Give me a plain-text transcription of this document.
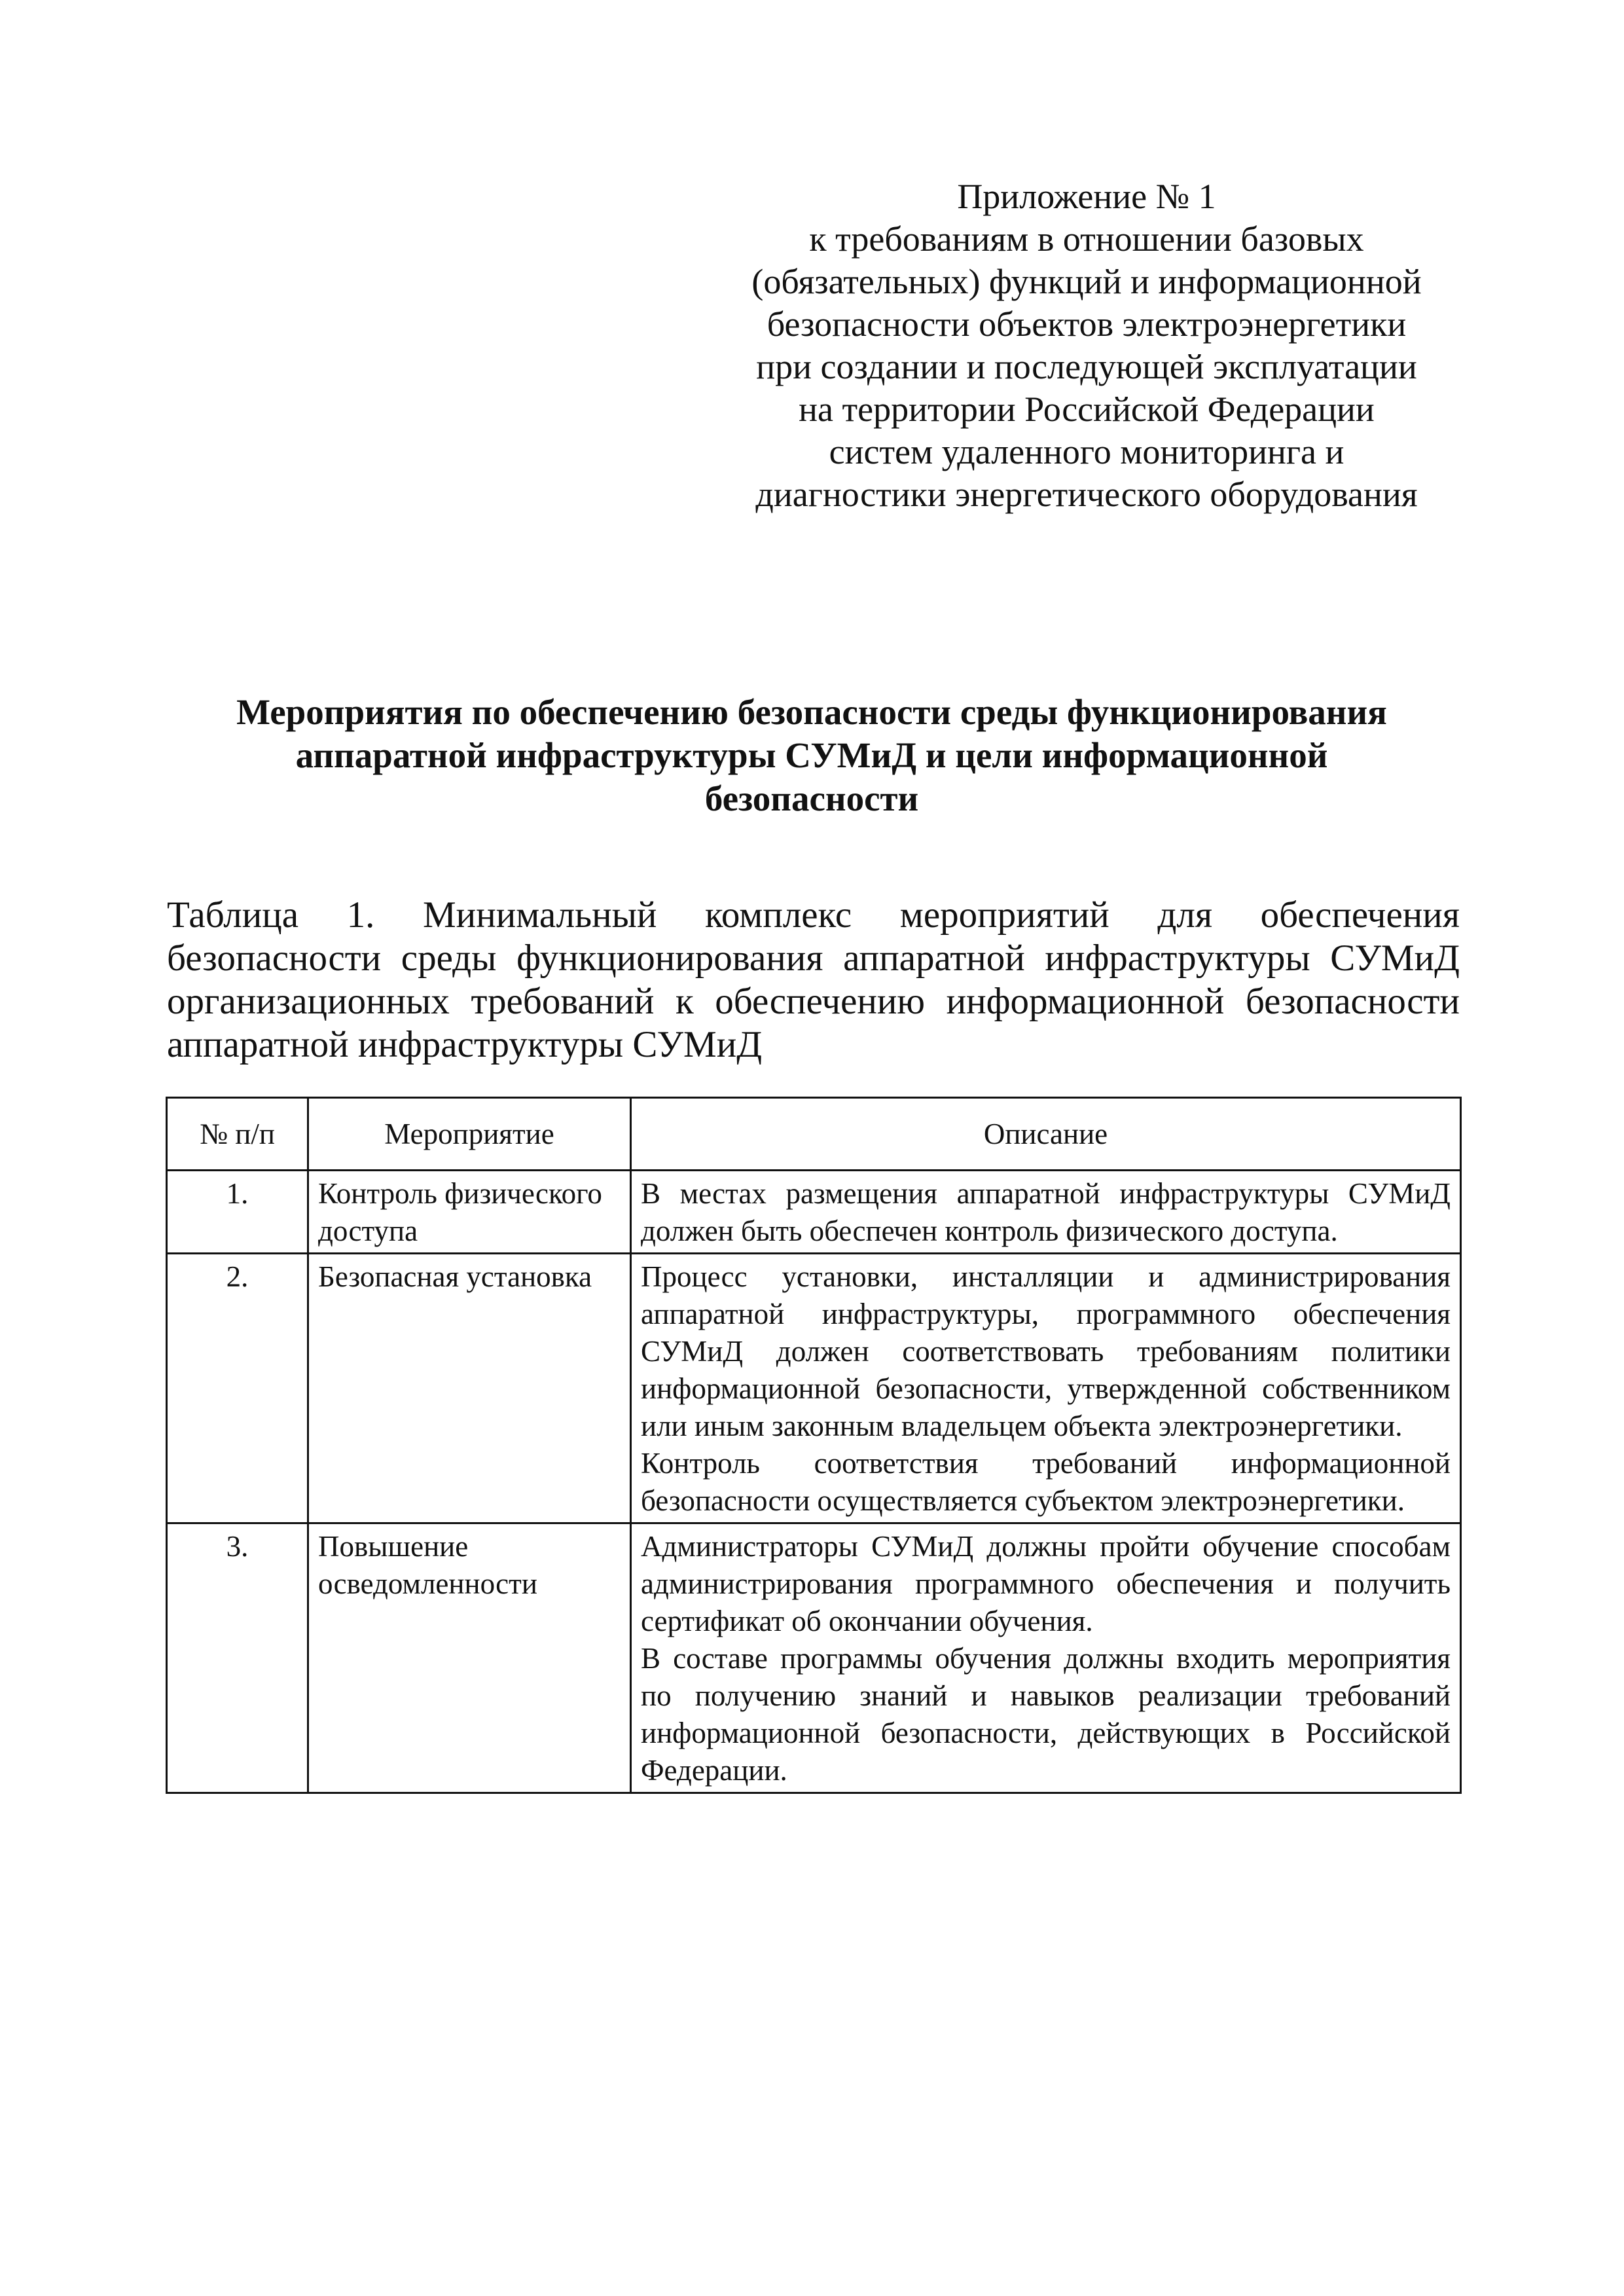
Приложение № 1
к требованиям в отношении базовых
(обязательных) функций и информационной
безопасности объектов электроэнергетики
при создании и последующей эксплуатации
на территории Российской Федерации
систем удаленного мониторинга и
диагностики энергетического оборудования
Мероприятия по обеспечению безопасности среды функционирования
аппаратной инфраструктуры СУМиД и цели информационной
безопасности
Таблица 1. Минимальный комплекс мероприятий для обеспечения
безопасности среды функционирования аппаратной инфраструктуры СУМиД
организационных требований к обеспечению информационной безопасности
аппаратной инфраструктуры СУМиД
№ п/п	Мероприятие	Описание
1.	Контроль физического доступа	В местах размещения аппаратной инфраструктуры СУМиД должен быть обеспечен контроль физического доступа.

2.	Безопасная установка	Процесс установки, инсталляции и администрирования аппаратной инфраструктуры, программного обеспечения СУМиД должен соответствовать требованиям политики информационной безопасности, утвержденной собственником или иным законным владельцем объекта электроэнергетики.

Контроль соответствия требований информационной безопасности осуществляется субъектом электроэнергетики.

3.	Повышение осведомленности	Администраторы СУМиД должны пройти обучение способам администрирования программного обеспечения и получить сертификат об окончании обучения.

В составе программы обучения должны входить мероприятия по получению знаний и навыков реализации требований информационной безопасности, действующих в Российской Федерации.
